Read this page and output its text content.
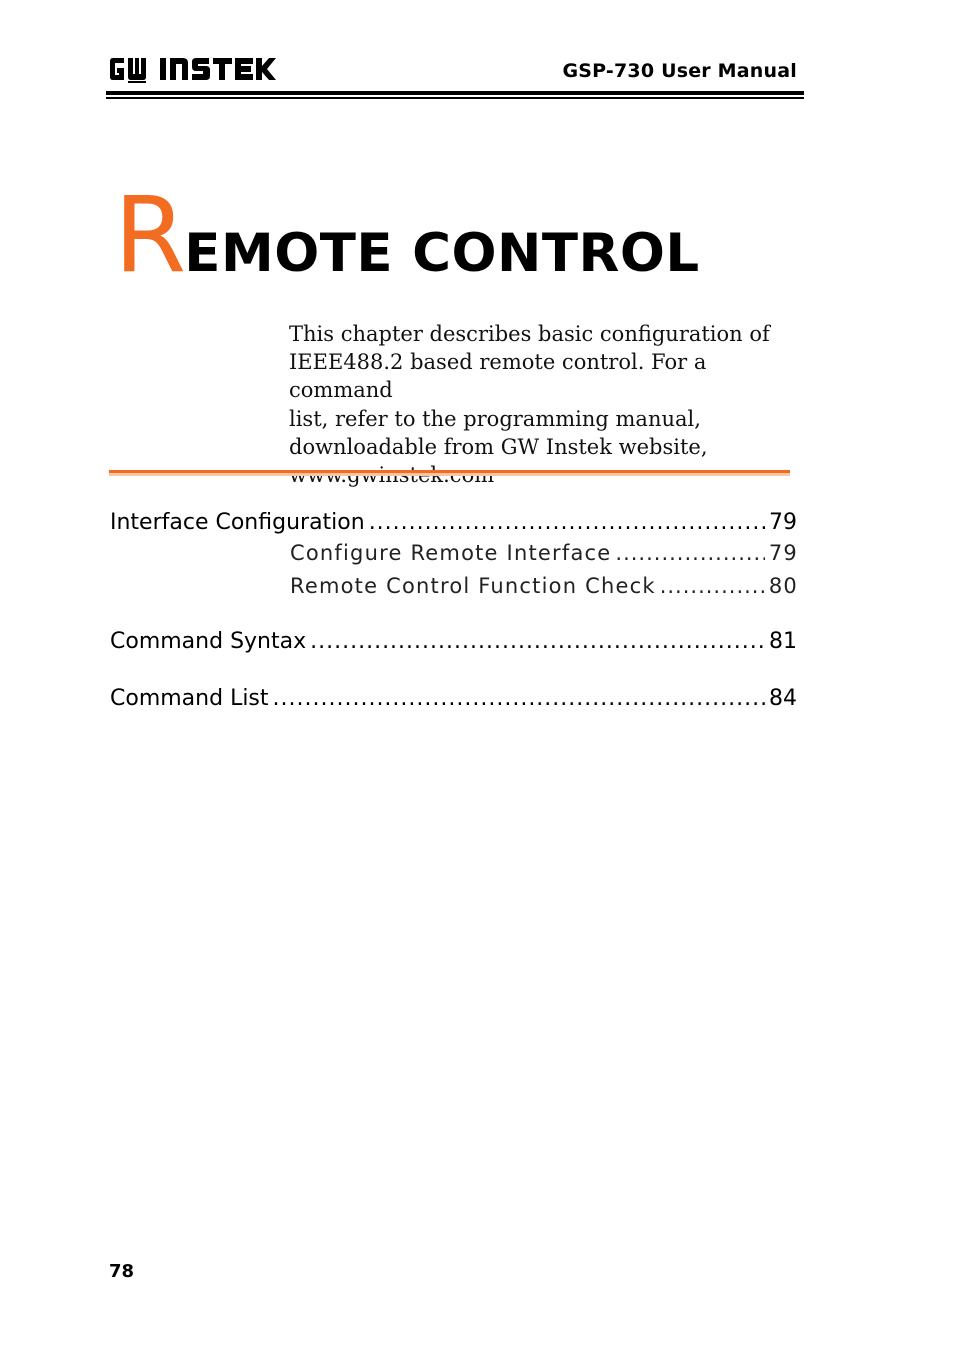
GSP-730 User Manual
REMOTE CONTROL

This chapter describes basic configuration of

IEEE488.2 based remote control. For a command

list, refer to the programming manual,

downloadable from GW Instek website,

Interface Configuration .....	79
Configure Remote Interface .....	79
Remote Control Function Check .....	80
Command Syntax .....	81
Command List .....	84
78
